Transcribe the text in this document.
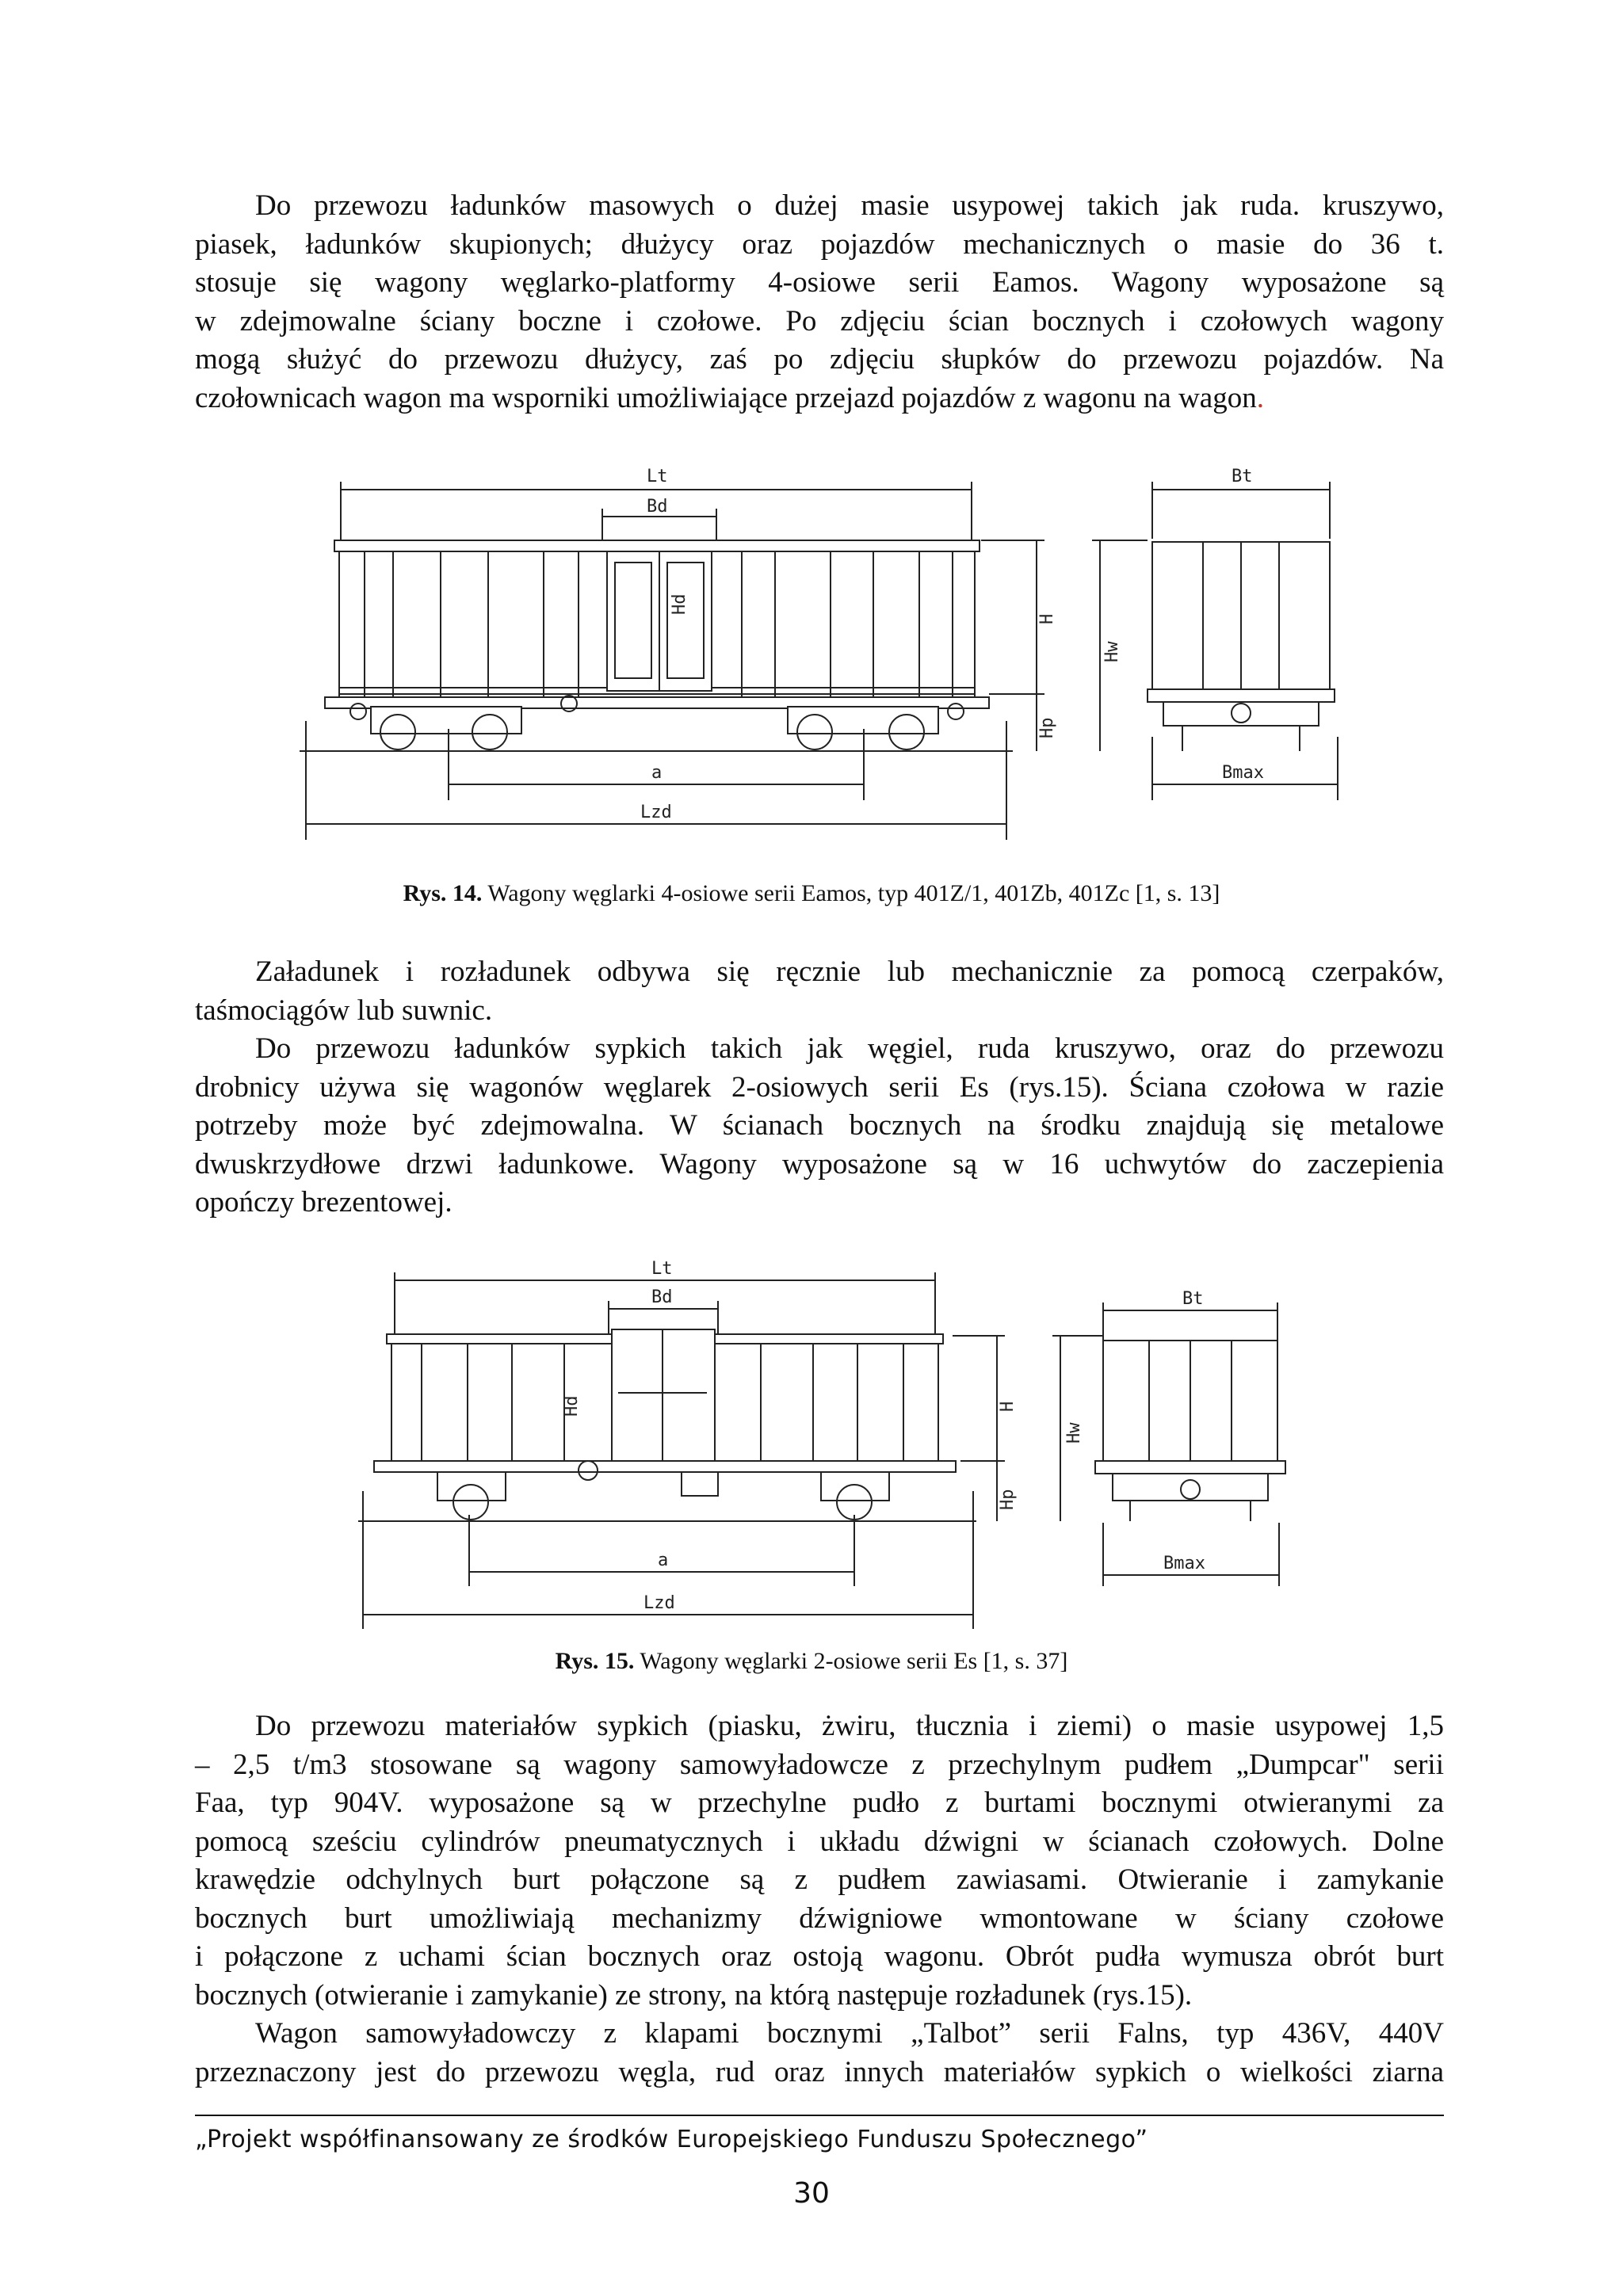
Do przewozu ładunków masowych o dużej masie usypowej takich jak ruda. kruszywo,
piasek, ładunków skupionych; dłużycy oraz pojazdów mechanicznych o masie do 36 t.
stosuje się wagony węglarko-platformy 4-osiowe serii Eamos. Wagony wyposażone są
w zdejmowalne ściany boczne i czołowe. Po zdjęciu ścian bocznych i czołowych wagony
mogą służyć do przewozu dłużycy, zaś po zdjęciu słupków do przewozu pojazdów. Na
czołownicach wagon ma wsporniki umożliwiające przejazd pojazdów z wagonu na wagon.
Lt
Bd
Hd
H
Hp
Hw
Bt
a
Lzd
Bmax
Rys. 14. Wagony węglarki 4-osiowe serii Eamos, typ 401Z/1, 401Zb, 401Zc [1, s. 13]
Załadunek i rozładunek odbywa się ręcznie lub mechanicznie za pomocą czerpaków,
taśmociągów lub suwnic.
Do przewozu ładunków sypkich takich jak węgiel, ruda kruszywo, oraz do przewozu
drobnicy używa się wagonów węglarek 2-osiowych serii Es (rys.15). Ściana czołowa w razie
potrzeby może być zdejmowalna. W ścianach bocznych na środku znajdują się metalowe
dwuskrzydłowe drzwi ładunkowe. Wagony wyposażone są w 16 uchwytów do zaczepienia
opończy brezentowej.
Lt
Bd
Hd	H
Hp
Hw
Bt
a
Lzd
Bmax
Rys. 15. Wagony węglarki 2-osiowe serii Es [1, s. 37]
Do przewozu materiałów sypkich (piasku, żwiru, tłucznia i ziemi) o masie usypowej 1,5
– 2,5 t/m3 stosowane są wagony samowyładowcze z przechylnym pudłem „Dumpcar" serii
Faa, typ 904V. wyposażone są w przechylne pudło z burtami bocznymi otwieranymi za
pomocą sześciu cylindrów pneumatycznych i układu dźwigni w ścianach czołowych. Dolne
krawędzie odchylnych burt połączone są z pudłem zawiasami. Otwieranie i zamykanie
bocznych burt umożliwiają mechanizmy dźwigniowe wmontowane w ściany czołowe
i połączone z uchami ścian bocznych oraz ostoją wagonu. Obrót pudła wymusza obrót burt
bocznych (otwieranie i zamykanie) ze strony, na którą następuje rozładunek (rys.15).
Wagon samowyładowczy z klapami bocznymi „Talbot” serii Falns, typ 436V, 440V
przeznaczony jest do przewozu węgla, rud oraz innych materiałów sypkich o wielkości ziarna
„Projekt współfinansowany ze środków Europejskiego Funduszu Społecznego”
30
